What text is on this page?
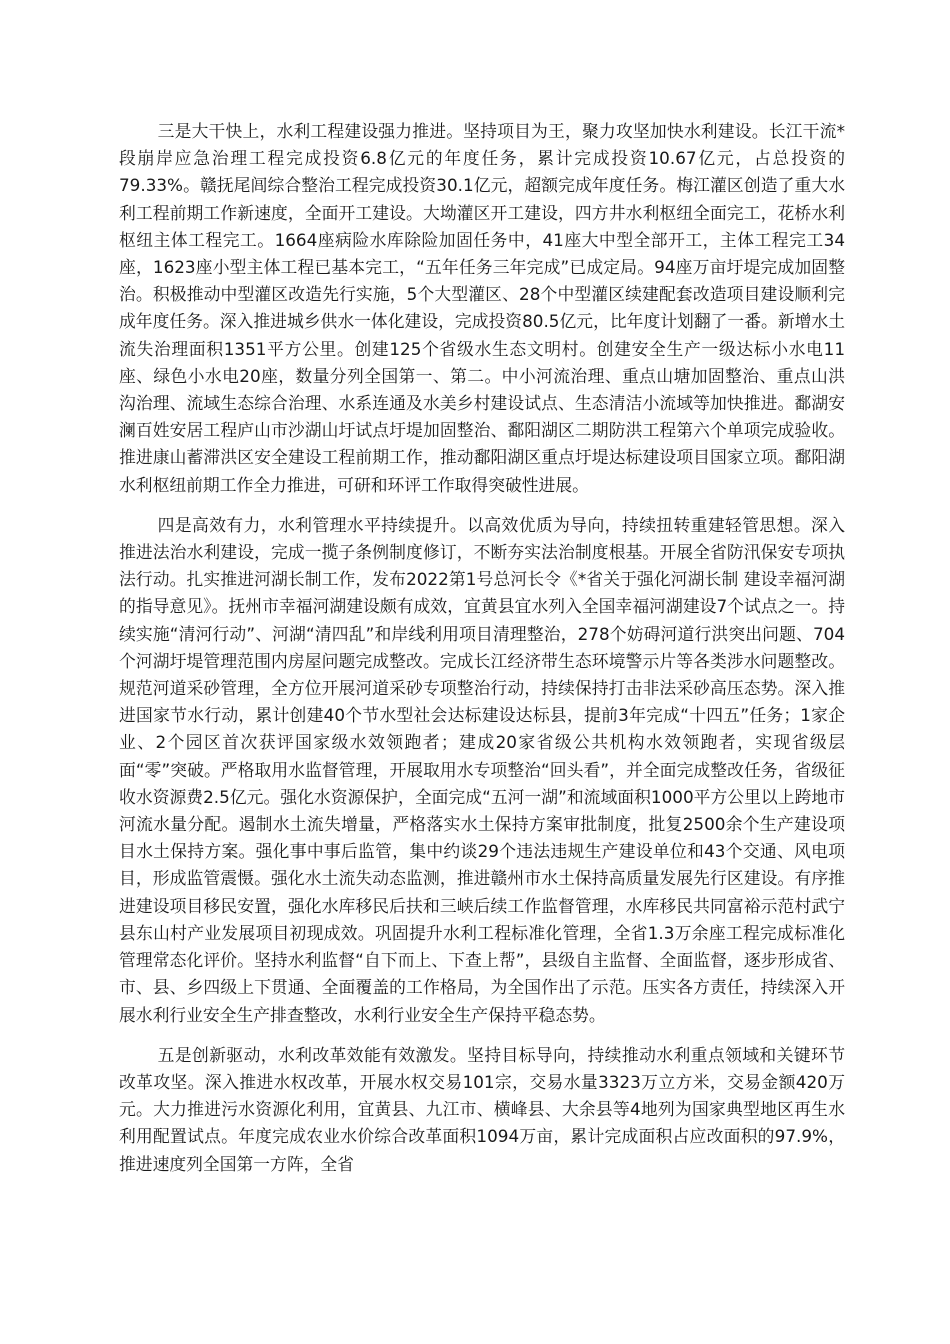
三是大干快上，水利工程建设强力推进。坚持项目为王，聚力攻坚加快水利建设。长江干流*段崩岸应急治理工程完成投资6.8亿元的年度任务，累计完成投资10.67亿元，占总投资的79.33%。赣抚尾闾综合整治工程完成投资30.1亿元，超额完成年度任务。梅江灌区创造了重大水利工程前期工作新速度，全面开工建设。大坳灌区开工建设，四方井水利枢纽全面完工，花桥水利枢纽主体工程完工。1664座病险水库除险加固任务中，41座大中型全部开工，主体工程完工34座，1623座小型主体工程已基本完工，“五年任务三年完成”已成定局。94座万亩圩堤完成加固整治。积极推动中型灌区改造先行实施，5个大型灌区、28个中型灌区续建配套改造项目建设顺利完成年度任务。深入推进城乡供水一体化建设，完成投资80.5亿元，比年度计划翻了一番。新增水土流失治理面积1351平方公里。创建125个省级水生态文明村。创建安全生产一级达标小水电11座、绿色小水电20座，数量分列全国第一、第二。中小河流治理、重点山塘加固整治、重点山洪沟治理、流域生态综合治理、水系连通及水美乡村建设试点、生态清洁小流域等加快推进。鄱湖安澜百姓安居工程庐山市沙湖山圩试点圩堤加固整治、鄱阳湖区二期防洪工程第六个单项完成验收。推进康山蓄滞洪区安全建设工程前期工作，推动鄱阳湖区重点圩堤达标建设项目国家立项。鄱阳湖水利枢纽前期工作全力推进，可研和环评工作取得突破性进展。

四是高效有力，水利管理水平持续提升。以高效优质为导向，持续扭转重建轻管思想。深入推进法治水利建设，完成一揽子条例制度修订，不断夯实法治制度根基。开展全省防汛保安专项执法行动。扎实推进河湖长制工作，发布2022第1号总河长令《*省关于强化河湖长制 建设幸福河湖的指导意见》。抚州市幸福河湖建设颇有成效，宜黄县宜水列入全国幸福河湖建设7个试点之一。持续实施“清河行动”、河湖“清四乱”和岸线利用项目清理整治，278个妨碍河道行洪突出问题、704个河湖圩堤管理范围内房屋问题完成整改。完成长江经济带生态环境警示片等各类涉水问题整改。规范河道采砂管理，全方位开展河道采砂专项整治行动，持续保持打击非法采砂高压态势。深入推进国家节水行动，累计创建40个节水型社会达标建设达标县，提前3年完成“十四五”任务；1家企业、2个园区首次获评国家级水效领跑者；建成20家省级公共机构水效领跑者，实现省级层面“零”突破。严格取用水监督管理，开展取用水专项整治“回头看”，并全面完成整改任务，省级征收水资源费2.5亿元。强化水资源保护，全面完成“五河一湖”和流域面积1000平方公里以上跨地市河流水量分配。遏制水土流失增量，严格落实水土保持方案审批制度，批复2500余个生产建设项目水土保持方案。强化事中事后监管，集中约谈29个违法违规生产建设单位和43个交通、风电项目，形成监管震慑。强化水土流失动态监测，推进赣州市水土保持高质量发展先行区建设。有序推进建设项目移民安置，强化水库移民后扶和三峡后续工作监督管理，水库移民共同富裕示范村武宁县东山村产业发展项目初现成效。巩固提升水利工程标准化管理，全省1.3万余座工程完成标准化管理常态化评价。坚持水利监督“自下而上、下查上帮”，县级自主监督、全面监督，逐步形成省、市、县、乡四级上下贯通、全面覆盖的工作格局，为全国作出了示范。压实各方责任，持续深入开展水利行业安全生产排查整改，水利行业安全生产保持平稳态势。

五是创新驱动，水利改革效能有效激发。坚持目标导向，持续推动水利重点领域和关键环节改革攻坚。深入推进水权改革，开展水权交易101宗，交易水量3323万立方米，交易金额420万元。大力推进污水资源化利用，宜黄县、九江市、横峰县、大余县等4地列为国家典型地区再生水利用配置试点。年度完成农业水价综合改革面积1094万亩，累计完成面积占应改面积的97.9%，推进速度列全国第一方阵，全省
